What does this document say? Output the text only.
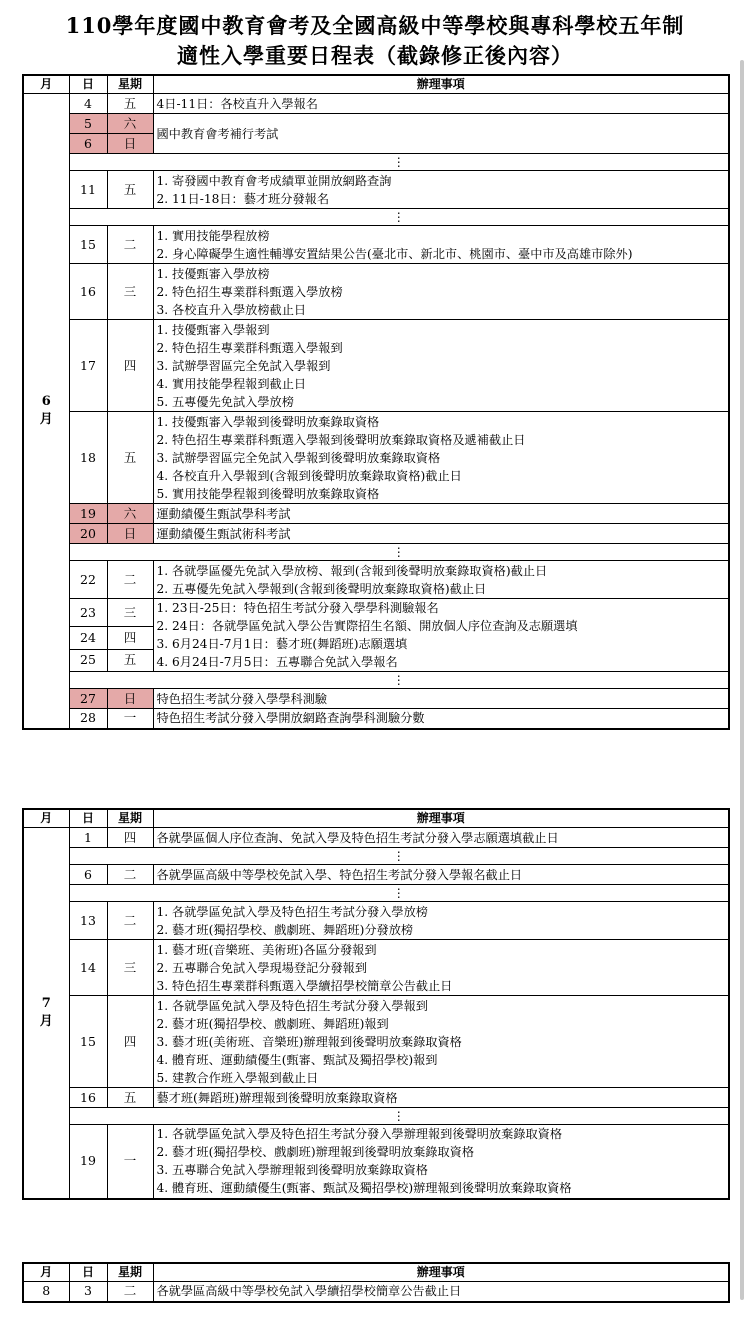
110學年度國中教育會考及全國高級中等學校與專科學校五年制
適性入學重要日程表（截錄修正後內容）
月	日	星期	辦理事項
6
月	4	五	4日-11日：各校直升入學報名

	5	六	國中教育會考補行考試

	6	日	
	⋮		
	11	五	1. 寄發國中教育會考成績單並開放網路查詢
2. 11日-18日：藝才班分發報名

	⋮		
	15	二	1. 實用技能學程放榜
2. 身心障礙學生適性輔導安置結果公告(臺北市、新北市、桃園市、臺中市及高雄市除外)

	16	三	1. 技優甄審入學放榜
2. 特色招生專業群科甄選入學放榜
3. 各校直升入學放榜截止日

	17	四	1. 技優甄審入學報到
2. 特色招生專業群科甄選入學報到
3. 試辦學習區完全免試入學報到
4. 實用技能學程報到截止日
5. 五專優先免試入學放榜

	18	五	1. 技優甄審入學報到後聲明放棄錄取資格
2. 特色招生專業群科甄選入學報到後聲明放棄錄取資格及遞補截止日
3. 試辦學習區完全免試入學報到後聲明放棄錄取資格
4. 各校直升入學報到(含報到後聲明放棄錄取資格)截止日
5. 實用技能學程報到後聲明放棄錄取資格

	19	六	運動績優生甄試學科考試

	20	日	運動績優生甄試術科考試

	⋮		
	22	二	1. 各就學區優先免試入學放榜、報到(含報到後聲明放棄錄取資格)截止日
2. 五專優先免試入學報到(含報到後聲明放棄錄取資格)截止日

	23	三	1. 23日-25日：特色招生考試分發入學學科測驗報名
2. 24日：各就學區免試入學公告實際招生名額、開放個人序位查詢及志願選填
3. 6月24日-7月1日：藝才班(舞蹈班)志願選填
4. 6月24日-7月5日：五專聯合免試入學報名

	24	四	
	25	五	
	⋮		
	27	日	特色招生考試分發入學學科測驗

	28	一	特色招生考試分發入學開放網路查詢學科測驗分數
月	日	星期	辦理事項
7
月	1	四	各就學區個人序位查詢、免試入學及特色招生考試分發入學志願選填截止日

	⋮		
	6	二	各就學區高級中等學校免試入學、特色招生考試分發入學報名截止日

	⋮		
	13	二	1. 各就學區免試入學及特色招生考試分發入學放榜
2. 藝才班(獨招學校、戲劇班、舞蹈班)分發放榜

	14	三	1. 藝才班(音樂班、美術班)各區分發報到
2. 五專聯合免試入學現場登記分發報到
3. 特色招生專業群科甄選入學續招學校簡章公告截止日

	15	四	1. 各就學區免試入學及特色招生考試分發入學報到
2. 藝才班(獨招學校、戲劇班、舞蹈班)報到
3. 藝才班(美術班、音樂班)辦理報到後聲明放棄錄取資格
4. 體育班、運動績優生(甄審、甄試及獨招學校)報到
5. 建教合作班入學報到截止日

	16	五	藝才班(舞蹈班)辦理報到後聲明放棄錄取資格

	⋮		
	19	一	1. 各就學區免試入學及特色招生考試分發入學辦理報到後聲明放棄錄取資格
2. 藝才班(獨招學校、戲劇班)辦理報到後聲明放棄錄取資格
3. 五專聯合免試入學辦理報到後聲明放棄錄取資格
4. 體育班、運動績優生(甄審、甄試及獨招學校)辦理報到後聲明放棄錄取資格
月	日	星期	辦理事項
8	3	二	各就學區高級中等學校免試入學續招學校簡章公告截止日
